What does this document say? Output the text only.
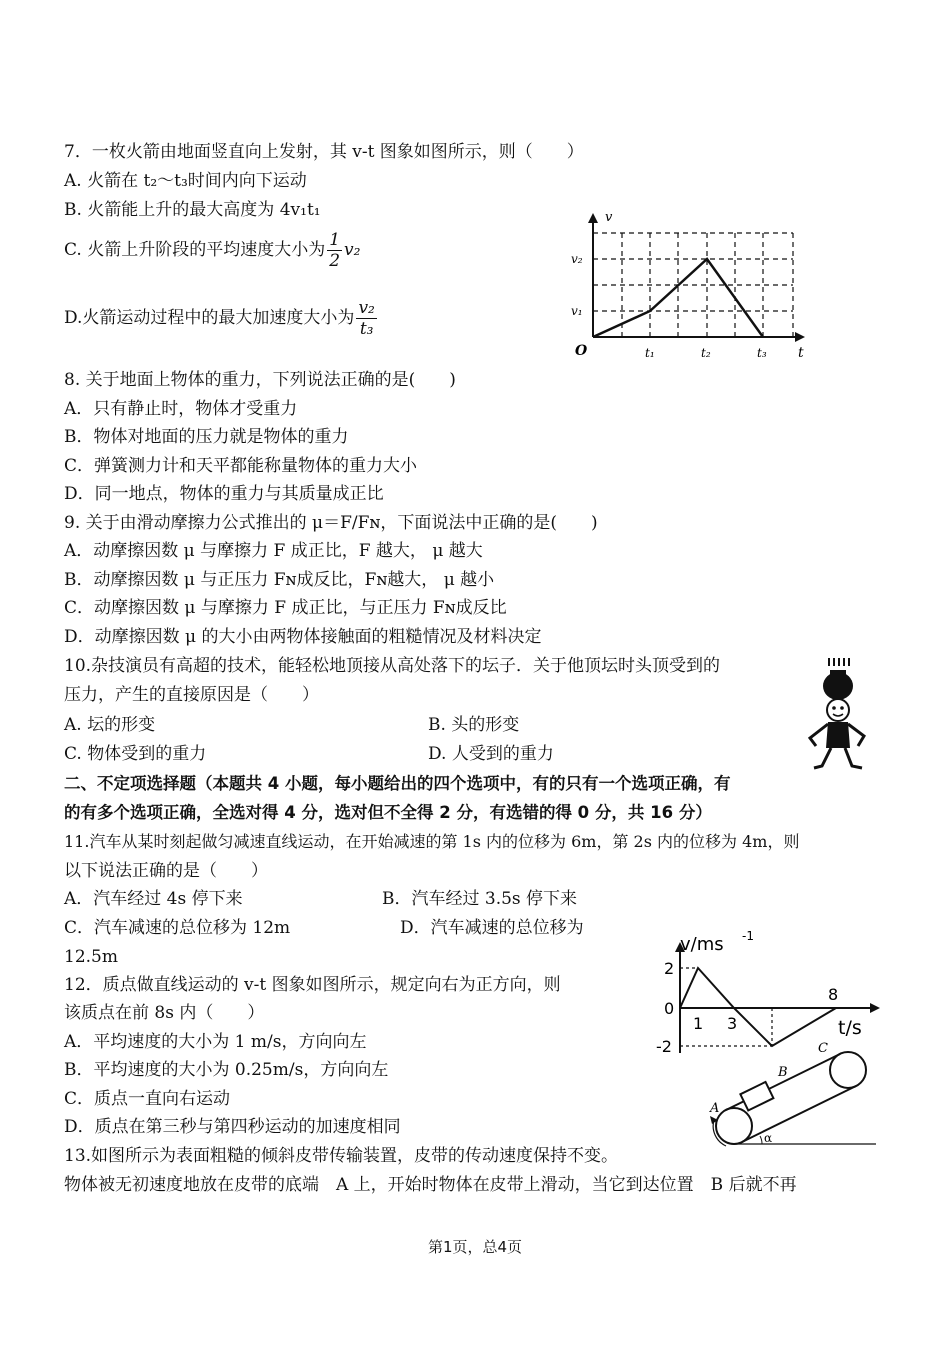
7．一枚火箭由地面竖直向上发射，其 v-t 图象如图所示，则（　　）
A. 火箭在 t₂～t₃时间内向下运动
B. 火箭能上升的最大高度为 4v₁t₁
C. 火箭上升阶段的平均速度大小为 $\frac{1}{2} v_2$
D.火箭运动过程中的最大加速度大小为 $\frac{\text{v₂}}{\text{t₃}}$
v
t
O
v₁
v₂
t₁	t₂	t₃
8. 关于地面上物体的重力，下列说法正确的是(　　)
A．只有静止时，物体才受重力
B．物体对地面的压力就是物体的重力
C．弹簧测力计和天平都能称量物体的重力大小
D．同一地点，物体的重力与其质量成正比
9. 关于由滑动摩擦力公式推出的 μ＝F/Fɴ，下面说法中正确的是(　　)
A．动摩擦因数 μ 与摩擦力 F 成正比，F 越大， μ 越大
B．动摩擦因数 μ 与正压力 Fɴ成反比，Fɴ越大， μ 越小
C．动摩擦因数 μ 与摩擦力 F 成正比，与正压力 Fɴ成反比
D．动摩擦因数 μ 的大小由两物体接触面的粗糙情况及材料决定
10.杂技演员有高超的技术，能轻松地顶接从高处落下的坛子．关于他顶坛时头顶受到的
压力，产生的直接原因是（　　）
A. 坛的形变	B. 头的形变
C. 物体受到的重力	D. 人受到的重力
二、不定项选择题（本题共 4 小题，每小题给出的四个选项中，有的只有一个选项正确，有
的有多个选项正确，全选对得 4 分，选对但不全得 2 分，有选错的得 0 分，共 16 分）
11.汽车从某时刻起做匀减速直线运动，在开始减速的第 1s 内的位移为 6m，第 2s 内的位移为 4m，则
以下说法正确的是（　　）
A．汽车经过 4s 停下来	B．汽车经过 3.5s 停下来
C．汽车减速的总位移为 12m	D．汽车减速的总位移为
12.5m
12．质点做直线运动的 v-t 图象如图所示，规定向右为正方向，则
该质点在前 8s 内（　　）
A．平均速度的大小为 1 m/s，方向向左
B．平均速度的大小为 0.25m/s，方向向左
C．质点一直向右运动
D．质点在第三秒与第四秒运动的加速度相同
v/ms -1
t/s
2
0
-2
1 3
8
A
B
C
α
13.如图所示为表面粗糙的倾斜皮带传输装置，皮带的传动速度保持不变。
物体被无初速度地放在皮带的底端　A 上，开始时物体在皮带上滑动，当它到达位置　B 后就不再
第1页，总4页
